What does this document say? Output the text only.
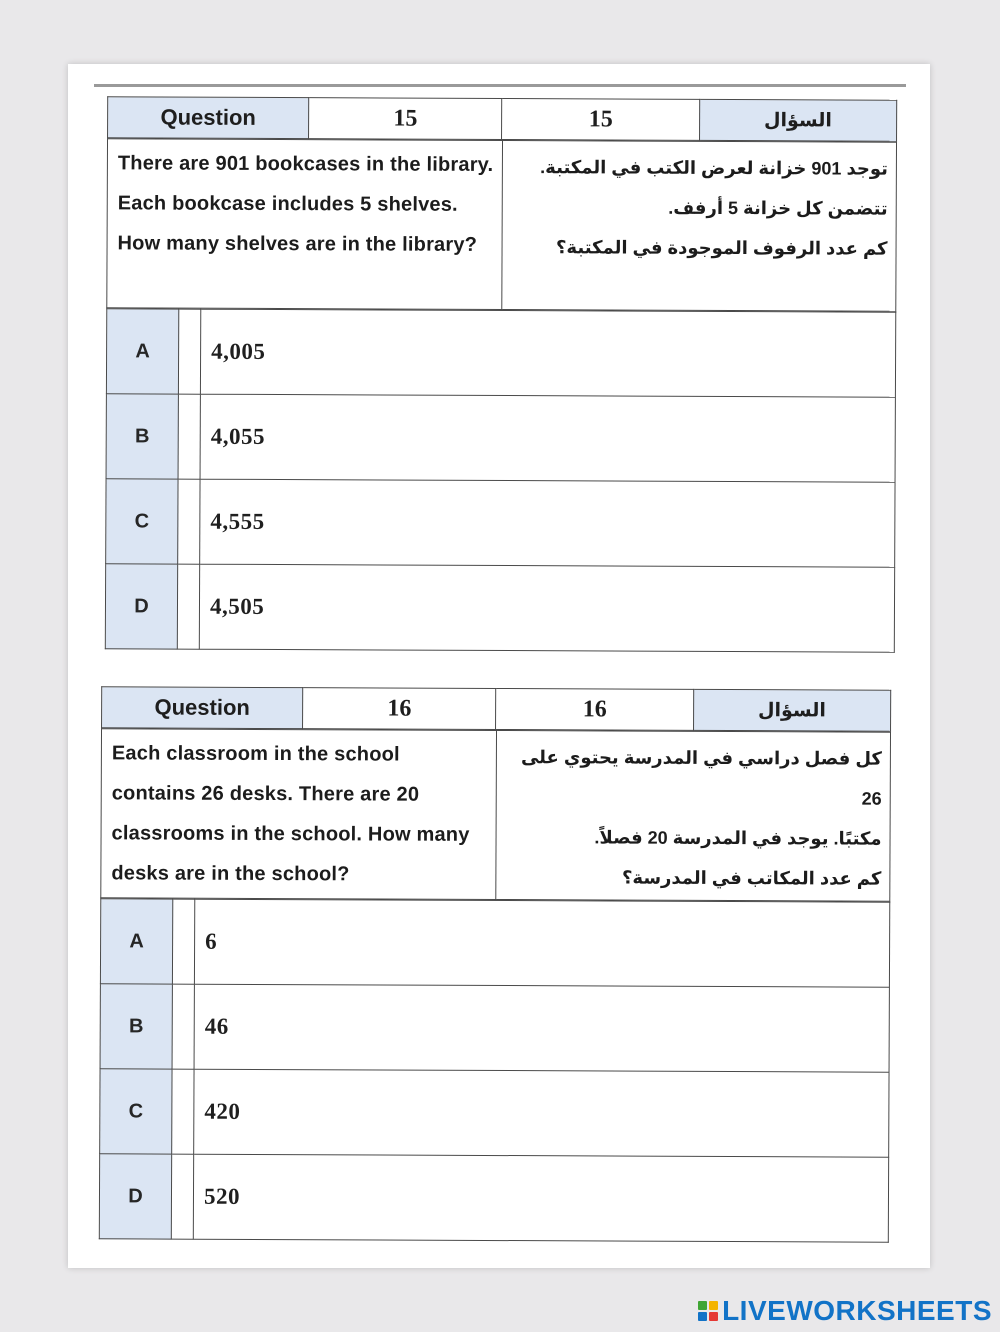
Question	15	15	السؤال
There are 901 bookcases in the library. Each bookcase includes 5 shelves. How many shelves are in the library?	
توجد 901 خزانة لعرض الكتب في المكتبة.
تتضمن كل خزانة 5 أرفف.
كم عدد الرفوف الموجودة في المكتبة؟
A		4,005
B		4,055
C		4,555
D		4,505
Question	16	16	السؤال
Each classroom in the school contains 26 desks. There are 20 classrooms in the school. How many desks are in the school?	
كل فصل دراسي في المدرسة يحتوي على 26
مكتبًا. يوجد في المدرسة 20 فصلاً.
كم عدد المكاتب في المدرسة؟
A		6
B		46
C		420
D		520
LIVEWORKSHEETS
